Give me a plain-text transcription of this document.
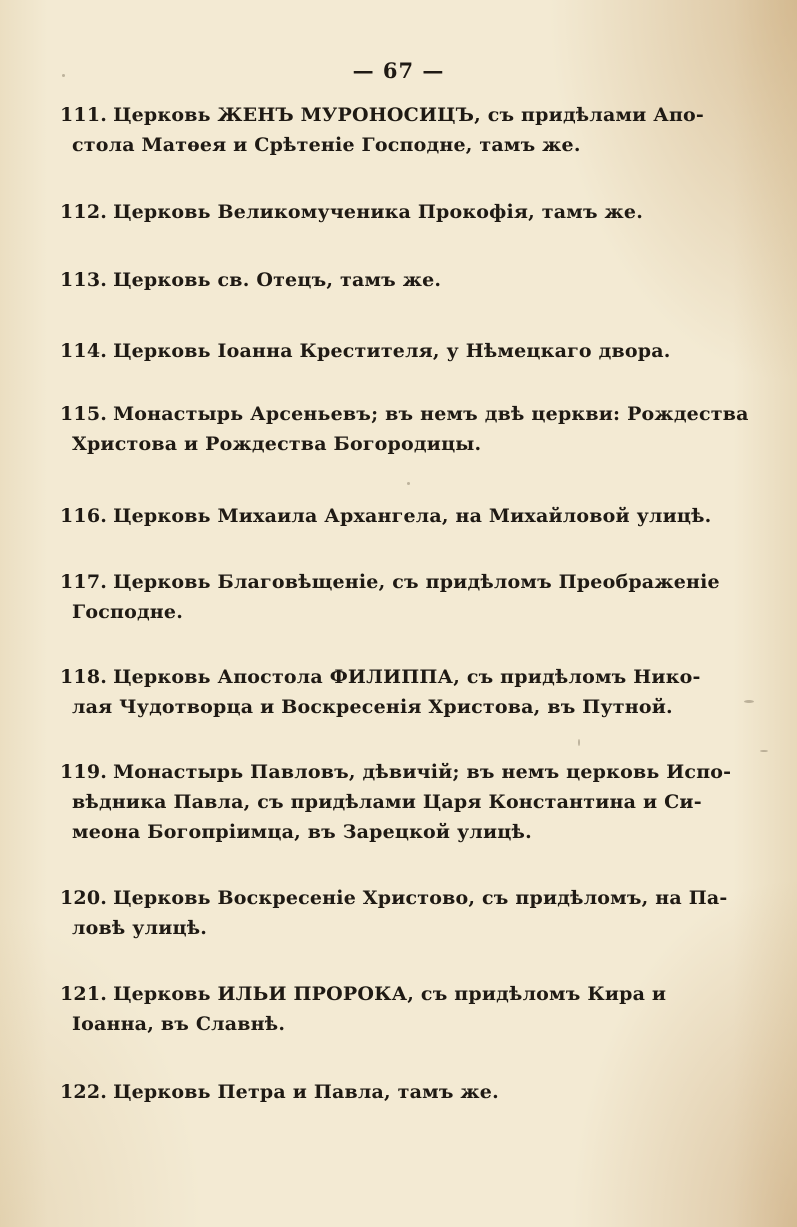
— 67 —
111. Церковь ЖЕНЪ МУРОНОСИЦЪ, съ придѣлами Апо-
стола Матѳея и Срѣтеніе Господне, тамъ же.
112. Церковь Великомученика Прокофія, тамъ же.
113. Церковь св. Отецъ, тамъ же.
114. Церковь Іоанна Крестителя, у Нѣмецкаго двора.
115. Монастырь Арсеньевъ; въ немъ двѣ церкви: Рождества
Христова и Рождества Богородицы.
116. Церковь Михаила Архангела, на Михайловой улицѣ.
117. Церковь Благовѣщеніе, съ придѣломъ Преображеніе
Господне.
118. Церковь Апостола ФИЛИППА, съ придѣломъ Нико-
лая Чудотворца и Воскресенія Христова, въ Путной.
119. Монастырь Павловъ, дѣвичій; въ немъ церковь Испо-
вѣдника Павла, съ придѣлами Царя Константина и Си-
меона Богопріимца, въ Зарецкой улицѣ.
120. Церковь Воскресеніе Христово, съ придѣломъ, на Па-
ловѣ улицѣ.
121. Церковь ИЛЬИ ПРОРОКА, съ придѣломъ Кира и
Іоанна, въ Славнѣ.
122. Церковь Петра и Павла, тамъ же.
